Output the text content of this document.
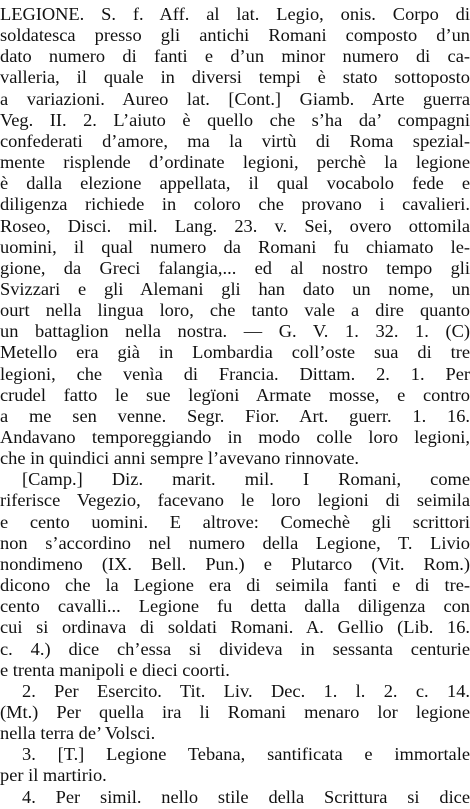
LEGIONE. S. f. Aff. al lat. Legio, onis. Corpo di
soldatesca presso gli antichi Romani composto d’un
dato numero di fanti e d’un minor numero di ca-
valleria, il quale in diversi tempi è stato sottoposto
a variazioni. Aureo lat. [Cont.] Giamb. Arte guerra
Veg. II. 2. L’aiuto è quello che s’ha da’ compagni
confederati d’amore, ma la virtù di Roma spezial-
mente risplende d’ordinate legioni, perchè la legione
è dalla elezione appellata, il qual vocabolo fede e
diligenza richiede in coloro che provano i cavalieri.
Roseo, Disci. mil. Lang. 23. v. Sei, overo ottomila
uomini, il qual numero da Romani fu chiamato le-
gione, da Greci falangia,... ed al nostro tempo gli
Svizzari e gli Alemani gli han dato un nome, un
ourt nella lingua loro, che tanto vale a dire quanto
un battaglion nella nostra. — G. V. 1. 32. 1. (C)
Metello era già in Lombardia coll’oste sua di tre
legioni, che venìa di Francia. Dittam. 2. 1. Per
crudel fatto le sue legïoni Armate mosse, e contro
a me sen venne. Segr. Fior. Art. guerr. 1. 16.
Andavano temporeggiando in modo colle loro legioni,
che in quindici anni sempre l’avevano rinnovate.
[Camp.] Diz. marit. mil. I Romani, come
riferisce Vegezio, facevano le loro legioni di seimila
e cento uomini. E altrove: Comechè gli scrittori
non s’accordino nel numero della Legione, T. Livio
nondimeno (IX. Bell. Pun.) e Plutarco (Vit. Rom.)
dicono che la Legione era di seimila fanti e di tre-
cento cavalli... Legione fu detta dalla diligenza con
cui si ordinava di soldati Romani. A. Gellio (Lib. 16.
c. 4.) dice ch’essa si divideva in sessanta centurie
e trenta manipoli e dieci coorti.
2. Per Esercito. Tit. Liv. Dec. 1. l. 2. c. 14.
(Mt.) Per quella ira li Romani menaro lor legione
nella terra de’ Volsci.
3. [T.] Legione Tebana, santificata e immortale
per il martirio.
4. Per simil. nello stile della Scrittura si dice
